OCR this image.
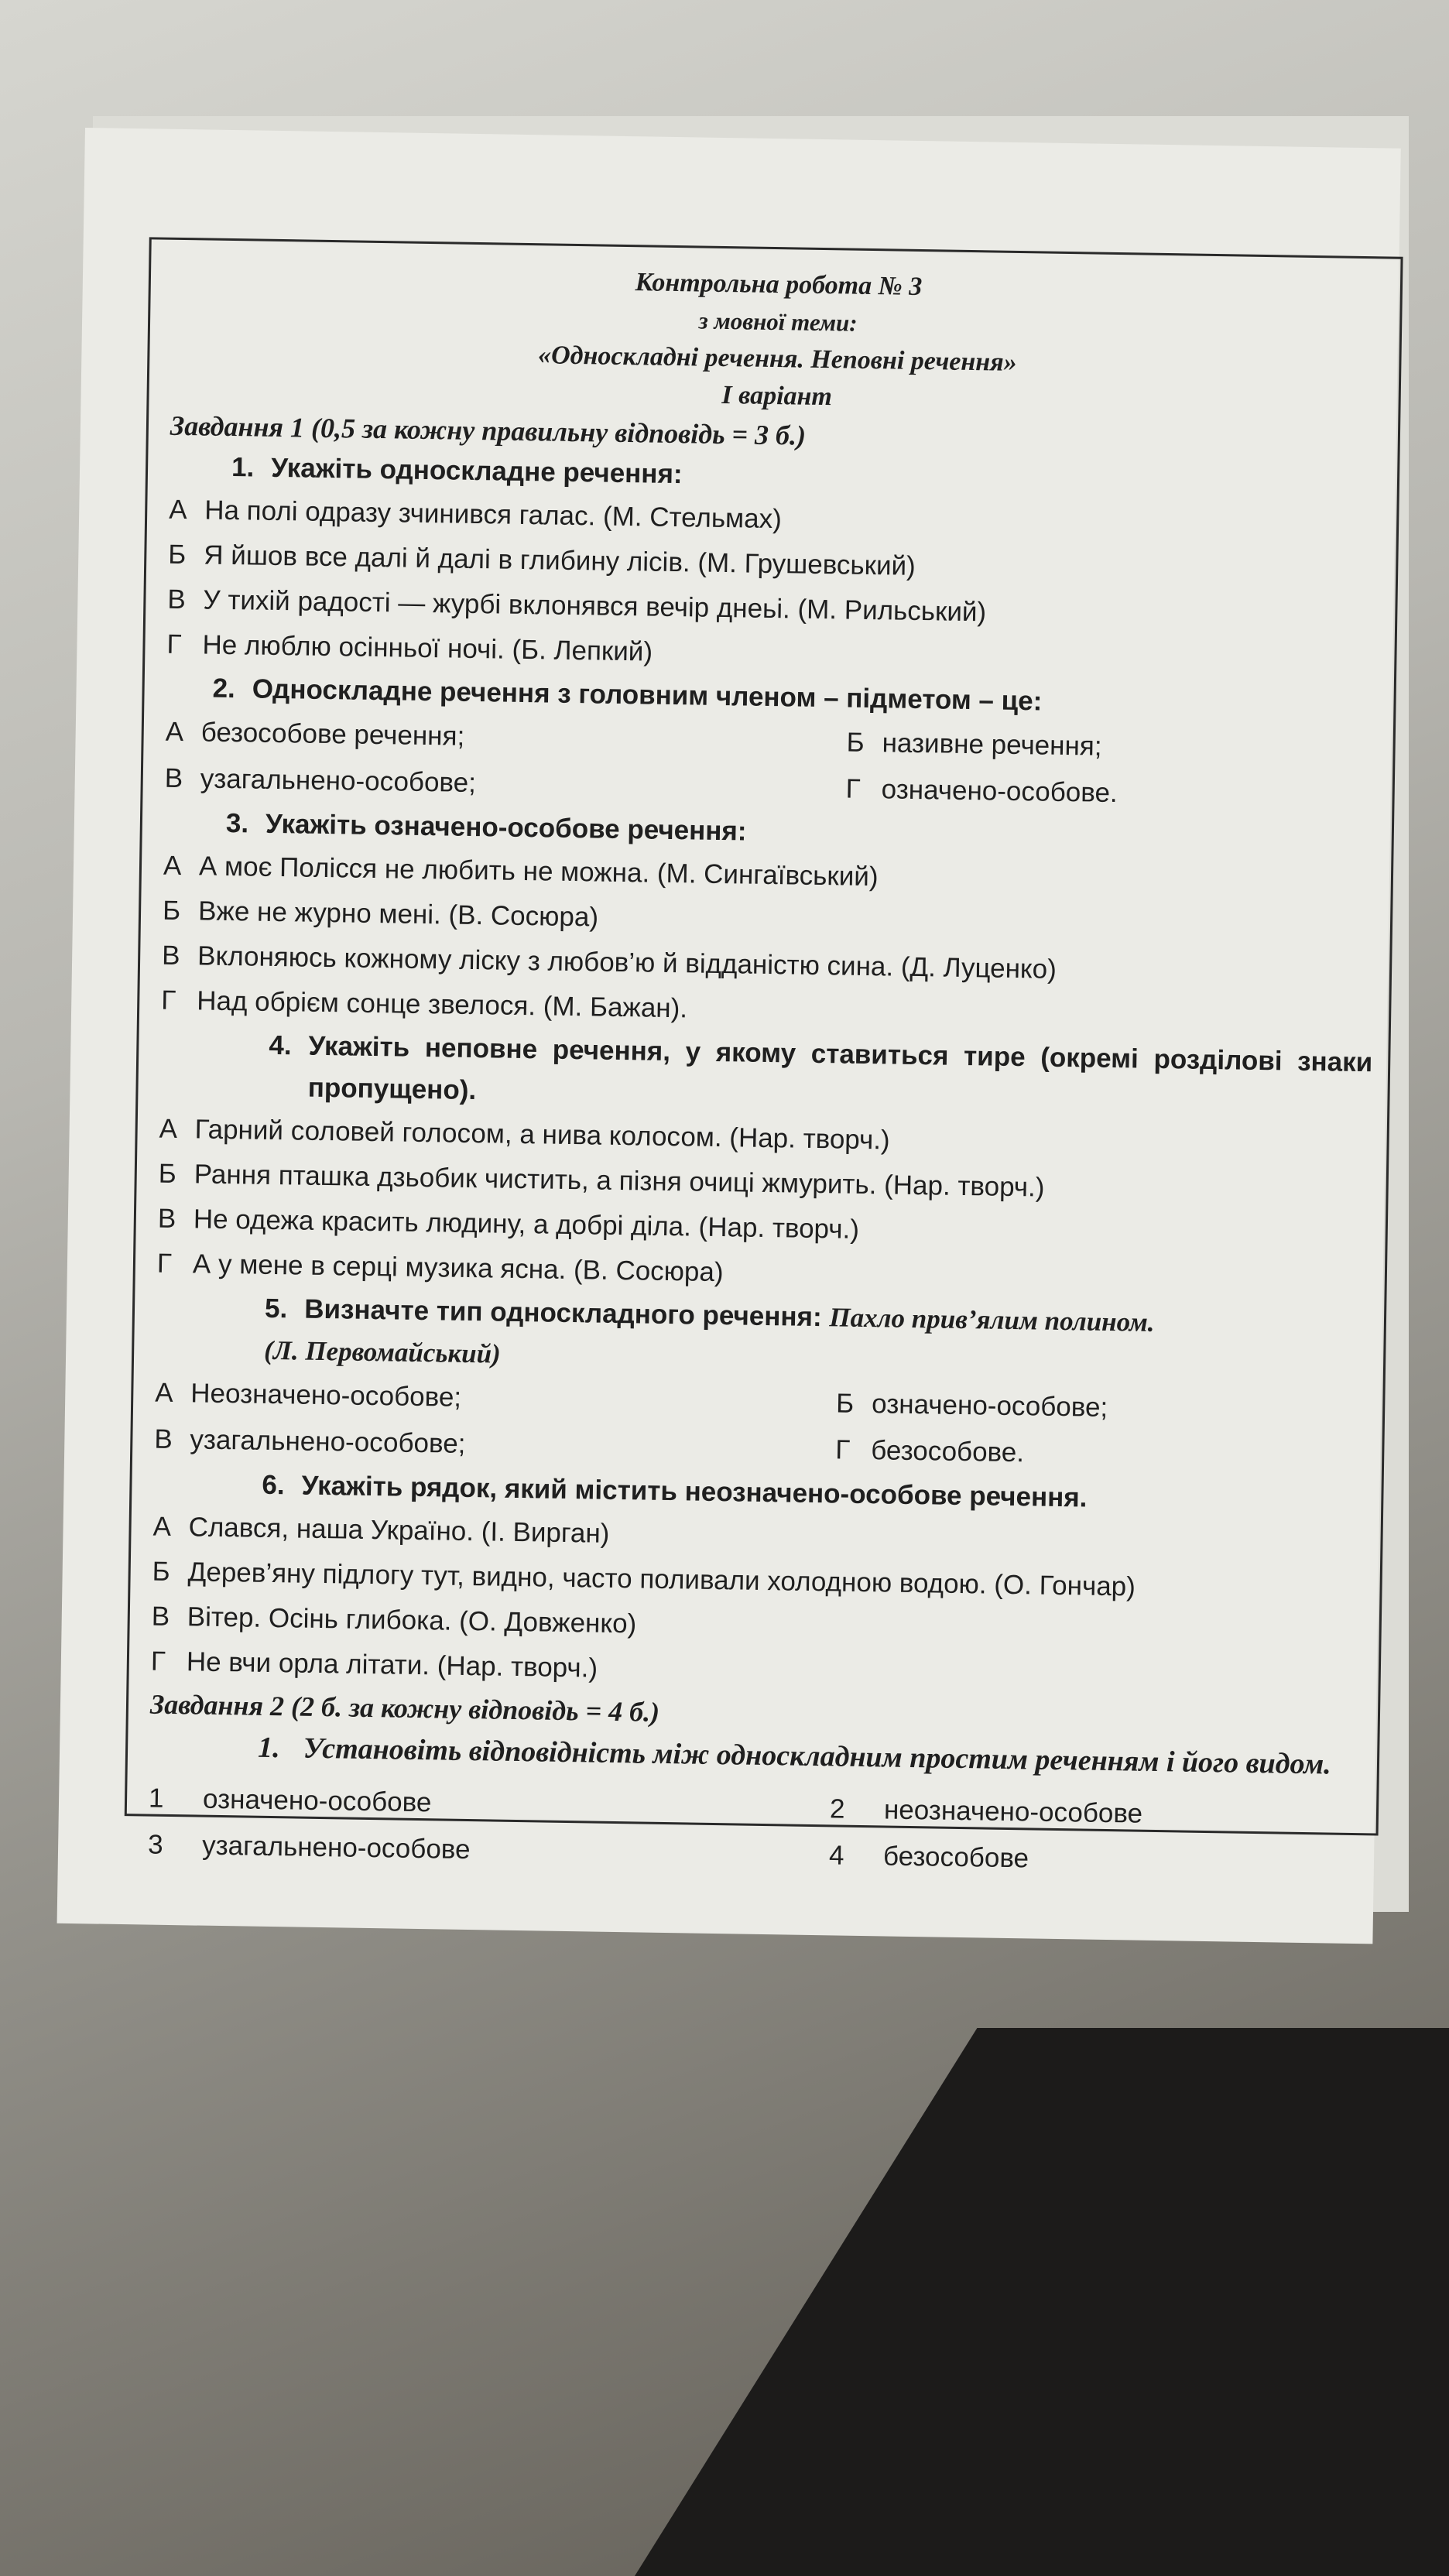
Контрольна робота № 3
з мовної теми:
«Односкладні речення. Неповні речення»
І варіант
Завдання 1 (0,5 за кожну правильну відповідь = 3 б.)
1. Укажіть односкладне речення:
А На полі одразу зчинився галас. (М. Стельмах)
Б Я йшов все далі й далі в глибину лісів. (М. Грушевський)
В У тихій радості — журбі вклонявся вечір днеьі. (М. Рильський)
Г Не люблю осінньої ночі. (Б. Лепкий)
2. Односкладне речення з головним членом – підметом – це:
А безособове речення;	Б називне речення;
В узагальнено-особове;	Г означено-особове.
3. Укажіть означено-особове речення:
А А моє Полісся не любить не можна. (М. Сингаївський)
Б Вже не журно мені. (В. Сосюра)
В Вклоняюсь кожному ліску з любов’ю й відданістю сина. (Д. Луценко)
Г Над обрієм сонце звелося. (М. Бажан).
4. Укажіть неповне речення, у якому ставиться тире (окремі розділові знаки пропущено).
А Гарний соловей голосом, а нива колосом. (Нар. творч.)
Б Рання пташка дзьобик чистить, а пізня очиці жмурить. (Нар. творч.)
В Не одежа красить людину, а добрі діла. (Нар. творч.)
Г А у мене в серці музика ясна. (В. Сосюра)
5. Визначте тип односкладного речення: Пахло прив’ялим полином.
(Л. Первомайський)
А Неозначено-особове;	Б означено-особове;
В узагальнено-особове;	Г безособове.
6. Укажіть рядок, який містить неозначено-особове речення.
А Слався, наша Україно. (І. Вирган)
Б Дерев’яну підлогу тут, видно, часто поливали холодною водою. (О. Гончар)
В Вітер. Осінь глибока. (О. Довженко)
Г Не вчи орла літати. (Нар. творч.)
Завдання 2 (2 б. за кожну відповідь = 4 б.)
1. Установіть відповідність між односкладним простим реченням і його видом.
1 означено-особове	2 неозначено-особове
3 узагальнено-особове	4 безособове
